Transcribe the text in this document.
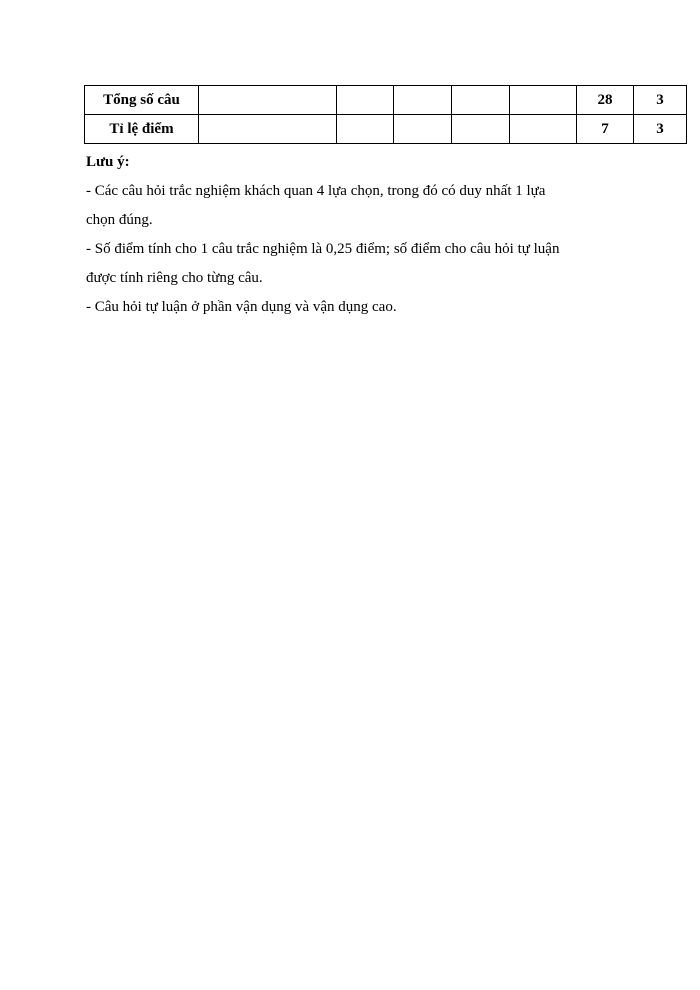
Tổng số câu						28	3
Tỉ lệ điểm						7	3

Lưu ý:

- Các câu hỏi trắc nghiệm khách quan 4 lựa chọn, trong đó có duy nhất 1 lựa

chọn đúng.

- Số điểm tính cho 1 câu trắc nghiệm là 0,25 điểm; số điểm cho câu hỏi tự luận

được tính riêng cho từng câu.

- Câu hỏi tự luận ở phần vận dụng và vận dụng cao.
